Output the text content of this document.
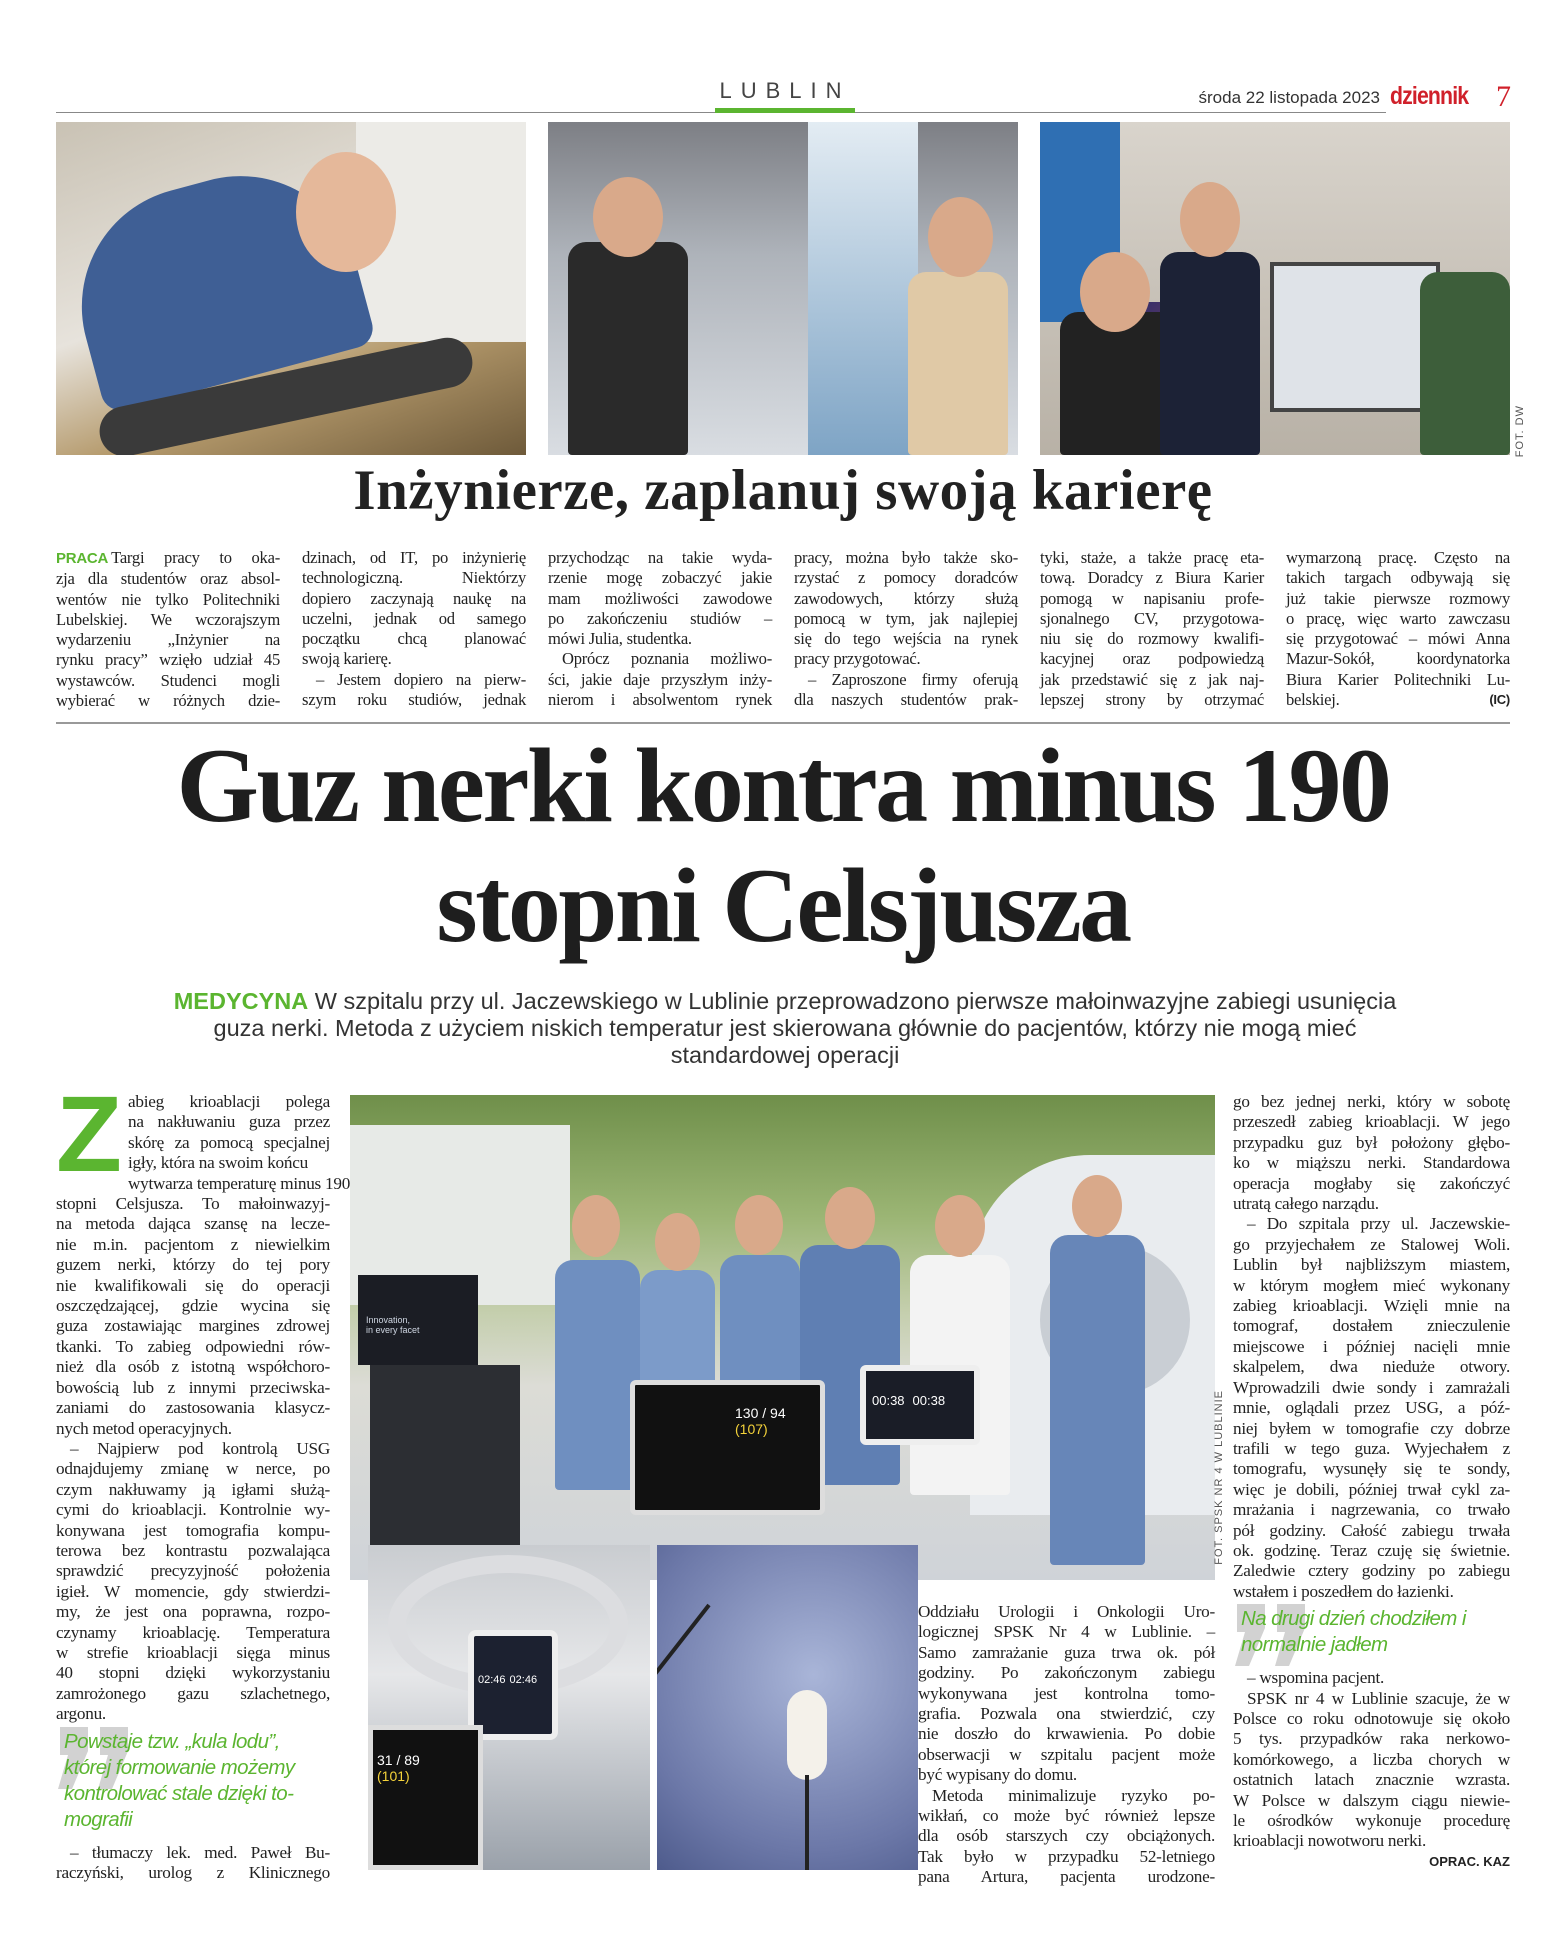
LUBLIN	środa 22 listopada 2023 dziennik 7
FOT. DW
Inżynierze, zaplanuj swoją karierę
PRACA Targi pracy to oka-
zja dla studentów oraz absol-
wentów nie tylko Politechniki
Lubelskiej. We wczorajszym
wydarzeniu „Inżynier na
rynku pracy” wzięło udział 45
wystawców. Studenci mogli
wybierać w różnych dzie-
dzinach, od IT, po inżynierię
technologiczną. Niektórzy
dopiero zaczynają naukę na
uczelni, jednak od samego
początku chcą planować
swoją karierę.
– Jestem dopiero na pierw-
szym roku studiów, jednak
przychodząc na takie wyda-
rzenie mogę zobaczyć jakie
mam możliwości zawodowe
po zakończeniu studiów –
mówi Julia, studentka.
Oprócz poznania możliwo-
ści, jakie daje przyszłym inży-
nierom i absolwentom rynek
pracy, można było także sko-
rzystać z pomocy doradców
zawodowych, którzy służą
pomocą w tym, jak najlepiej
się do tego wejścia na rynek
pracy przygotować.
– Zaproszone firmy oferują
dla naszych studentów prak-
tyki, staże, a także pracę eta-
tową. Doradcy z Biura Karier
pomogą w napisaniu profe-
sjonalnego CV, przygotowa-
niu się do rozmowy kwalifi-
kacyjnej oraz podpowiedzą
jak przedstawić się z jak naj-
lepszej strony by otrzymać
wymarzoną pracę. Często na
takich targach odbywają się
już takie pierwsze rozmowy
o pracę, więc warto zawczasu
się przygotować – mówi Anna
Mazur-Sokół, koordynatorka
Biura Karier Politechniki Lu-
(IC)
belskiej.
Guz nerki kontra minus 190
stopni Celsjusza
MEDYCYNA W szpitalu przy ul. Jaczewskiego w Lublinie przeprowadzono pierwsze małoinwazyjne zabiegi usunięcia
guza nerki. Metoda z użyciem niskich temperatur jest skierowana głównie do pacjentów, którzy nie mogą mieć
standardowej operacji
Innovation,
in every facet
130 / 94
(107)
00:38 00:38	FOT. SPSK NR 4 W LUBLINIE
02:46 02:46
31 / 89
(101)
Z abieg krioablacji polega
na nakłuwaniu guza przez
skórę za pomocą specjalnej
igły, która na swoim końcu
wytwarza temperaturę minus 190
stopni Celsjusza. To małoinwazyj-
na metoda dająca szansę na lecze-
nie m.in. pacjentom z niewielkim
guzem nerki, którzy do tej pory
nie kwalifikowali się do operacji
oszczędzającej, gdzie wycina się
guza zostawiając margines zdrowej
tkanki. To zabieg odpowiedni rów-
nież dla osób z istotną współchoro-
bowością lub z innymi przeciwska-
zaniami do zastosowania klasycz-
nych metod operacyjnych.
– Najpierw pod kontrolą USG
odnajdujemy zmianę w nerce, po
czym nakłuwamy ją igłami służą-
cymi do krioablacji. Kontrolnie wy-
konywana jest tomografia kompu-
terowa bez kontrastu pozwalająca
sprawdzić precyzyjność położenia
igieł. W momencie, gdy stwierdzi-
my, że jest ona poprawna, rozpo-
czynamy krioablację. Temperatura
w strefie krioablacji sięga minus
40 stopni dzięki wykorzystaniu
zamrożonego gazu szlachetnego,
argonu.
Powstaje tzw. „kula lodu”,
której formowanie możemy
kontrolować stale dzięki to-
mografii
– tłumaczy lek. med. Paweł Bu-
raczyński, urolog z Klinicznego
Oddziału Urologii i Onkologii Uro-
logicznej SPSK Nr 4 w Lublinie. –
Samo zamrażanie guza trwa ok. pół
godziny. Po zakończonym zabiegu
wykonywana jest kontrolna tomo-
grafia. Pozwala ona stwierdzić, czy
nie doszło do krwawienia. Po dobie
obserwacji w szpitalu pacjent może
być wypisany do domu.
Metoda minimalizuje ryzyko po-
wikłań, co może być również lepsze
dla osób starszych czy obciążonych.
Tak było w przypadku 52-letniego
pana Artura, pacjenta urodzone-
go bez jednej nerki, który w sobotę
przeszedł zabieg krioablacji. W jego
przypadku guz był położony głębo-
ko w miąższu nerki. Standardowa
operacja mogłaby się zakończyć
utratą całego narządu.
– Do szpitala przy ul. Jaczewskie-
go przyjechałem ze Stalowej Woli.
Lublin był najbliższym miastem,
w którym mogłem mieć wykonany
zabieg krioablacji. Wzięli mnie na
tomograf, dostałem znieczulenie
miejscowe i później nacięli mnie
skalpelem, dwa nieduże otwory.
Wprowadzili dwie sondy i zamrażali
mnie, oglądali przez USG, a póź-
niej byłem w tomografie czy dobrze
trafili w tego guza. Wyjechałem z
tomografu, wysunęły się te sondy,
więc je dobili, później trwał cykl za-
mrażania i nagrzewania, co trwało
pół godziny. Całość zabiegu trwała
ok. godzinę. Teraz czuję się świetnie.
Zaledwie cztery godziny po zabiegu
wstałem i poszedłem do łazienki.
Na drugi dzień chodziłem i
normalnie jadłem
– wspomina pacjent.
SPSK nr 4 w Lublinie szacuje, że w
Polsce co roku odnotowuje się około
5 tys. przypadków raka nerkowo-
komórkowego, a liczba chorych w
ostatnich latach znacznie wzrasta.
W Polsce w dalszym ciągu niewie-
le ośrodków wykonuje procedurę
krioablacji nowotworu nerki.
OPRAC. KAZ
